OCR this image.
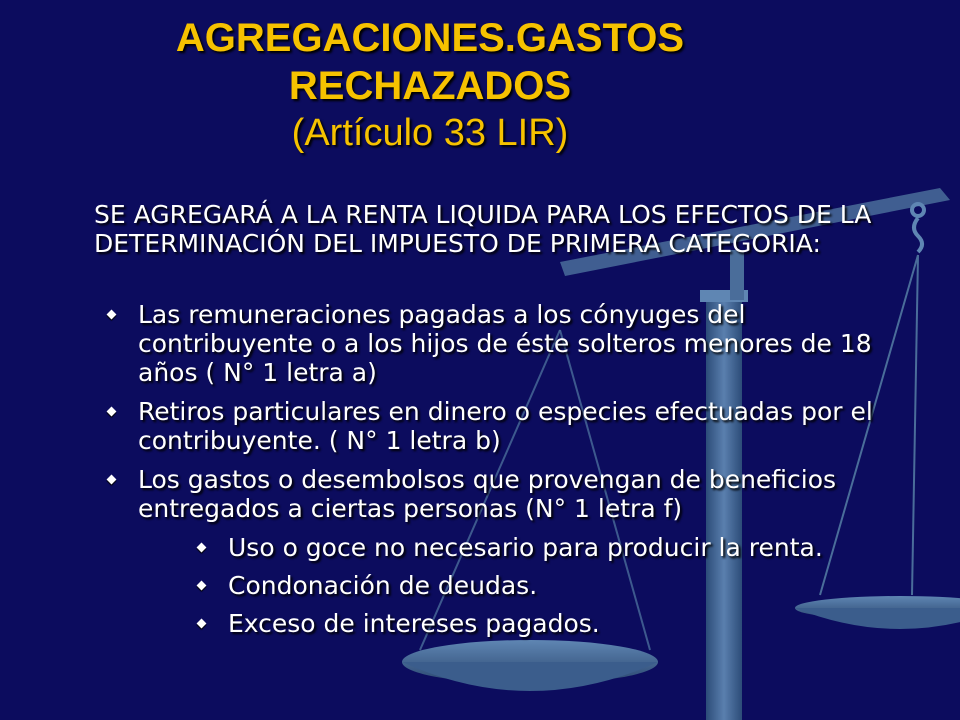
AGREGACIONES.GASTOS
RECHAZADOS
(Artículo 33 LIR)
SE AGREGARÁ A LA RENTA LIQUIDA PARA LOS EFECTOS DE LA DETERMINACIÓN DEL IMPUESTO DE PRIMERA CATEGORIA:
Las remuneraciones pagadas a los cónyuges del contribuyente o a los hijos de éste solteros menores de 18 años ( N° 1 letra a)
Retiros particulares en dinero o especies efectuadas por el contribuyente. ( N° 1 letra b)
Los gastos o desembolsos que provengan de beneficios entregados a ciertas personas (N° 1 letra f)
Uso o goce no necesario para producir la renta.
Condonación de deudas.
Exceso de intereses pagados.
